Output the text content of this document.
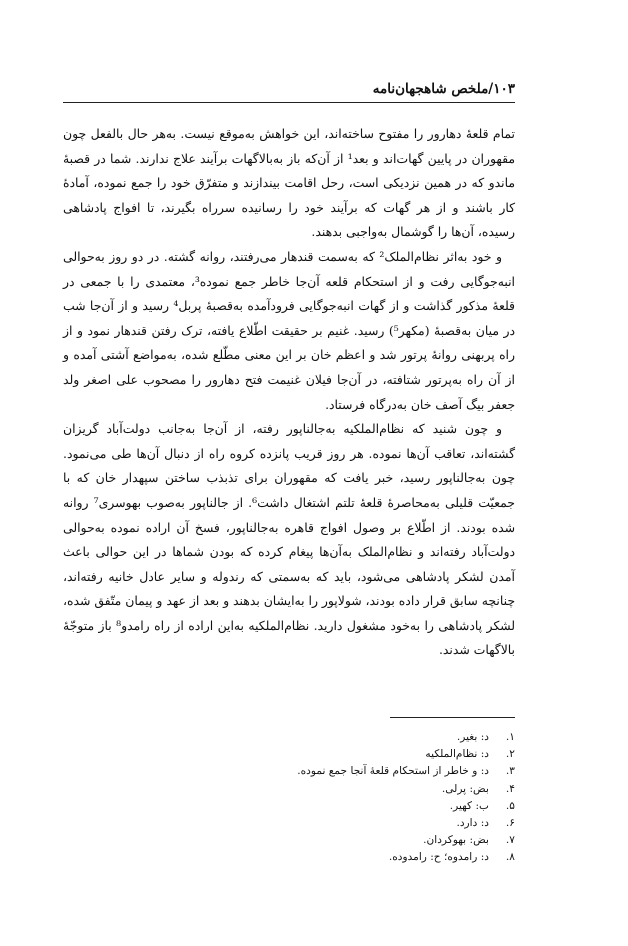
۱۰۳/ملخص شاهجهان‌نامه

تمام قلعهٔ دهارور را مفتوح ساخته‌اند، این خواهش به‌موقع نیست. به‌هر حال بالفعل چون مقهوران در پایین گهات‌اند و بعد¹ از آن‌که باز به‌بالاگهات برآیند علاج ندارند. شما در قصبهٔ ماندو که در همین نزدیکی است، رحل اقامت بیندازند و متفرّق خود را جمع نموده، آمادهٔ کار باشند و از هر گهات که برآیند خود را رسانیده سرراه بگیرند، تا افواج پادشاهی رسیده، آن‌ها را گوشمال به‌واجبی بدهند.

و خود به‌اثر نظام‌الملک² که به‌سمت قندهار می‌رفتند، روانه گشته. در دو روز به‌حوالی انبه‌جوگایی رفت و از استحکام قلعه آن‌جا خاطر جمع نموده³، معتمدی را با جمعی در قلعهٔ مذکور گذاشت و از گهات انبه‌جوگایی فرودآمده به‌قصبهٔ پربل⁴ رسید و از آن‌جا شب در میان به‌قصبهٔ (مکهر⁵) رسید. غنیم بر حقیقت اطّلاع یافته، ترک رفتن قندهار نمود و از راه پربهنی روانهٔ پرتور شد و اعظم خان بر این معنی مطّلع شده، به‌مواضع آشتی آمده و از آن راه به‌پرتور شتافته، در آن‌جا فیلان غنیمت فتح دهارور را مصحوب علی اصغر ولد جعفر بیگ آصف خان به‌درگاه فرستاد.

و چون شنید که نظام‌الملکیه به‌جالناپور رفته، از آن‌جا به‌جانب دولت‌آباد گریزان گشته‌اند، تعاقب آن‌ها نموده. هر روز قریب پانزده کروه راه از دنبال آن‌ها طی می‌نمود. چون به‌جالناپور رسید، خبر یافت که مقهوران برای تذبذب ساختن سپهدار خان که با جمعیّت قلیلی به‌محاصرهٔ قلعهٔ تلتم اشتغال داشت⁶. از جالناپور به‌صوب بهوسری⁷ روانه شده بودند. از اطّلاع بر وصول افواج قاهره به‌جالناپور، فسخ آن اراده نموده به‌حوالی دولت‌آباد رفته‌اند و نظام‌الملک به‌آن‌ها پیغام کرده که بودن شماها در این حوالی باعث آمدن لشکر پادشاهی می‌شود، باید که به‌سمتی که رندوله و سایر عادل خانیه رفته‌اند، چنانچه سابق قرار داده بودند، شولاپور را به‌ایشان بدهند و بعد از عهد و پیمان متّفق شده، لشکر پادشاهی را به‌خود مشغول دارید. نظام‌الملکیه به‌این اراده از راه رامدو⁸ باز متوجّهٔ بالاگهات شدند.

۱.
د: بغیر.
۲.
د: نظام‌الملکیه
۳.
د: و خاطر از استحکام قلعهٔ آنجا جمع نموده.
۴.
بض: پرلی.
۵.
ب: کهیر.
۶.
د: دارد.
۷.
بض: بهوکردان.
۸.
د: رامدوه؛ ح: رامدوده.
